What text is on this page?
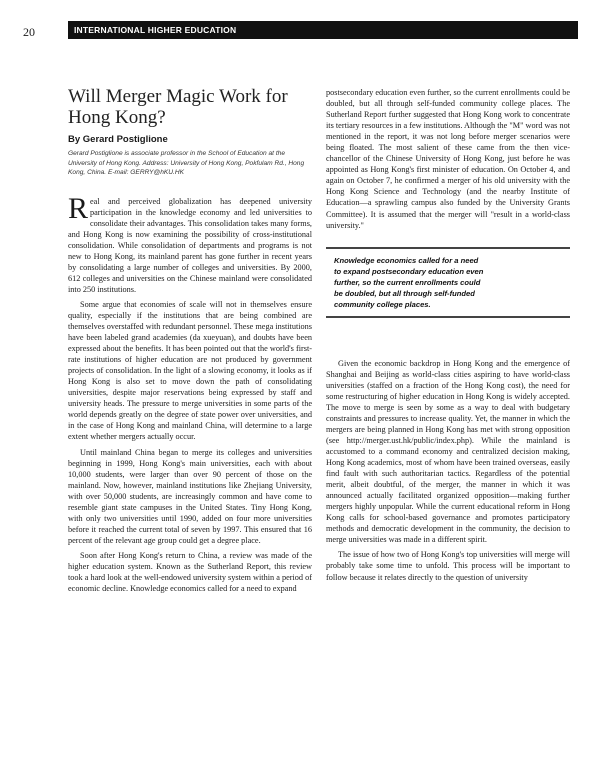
20	INTERNATIONAL HIGHER EDUCATION
Will Merger Magic Work for Hong Kong?
By Gerard Postiglione
Gerard Postiglione is associate professor in the School of Education at the University of Hong Kong. Address: University of Hong Kong, Pokfulam Rd., Hong Kong, China. E-mail: GERRY@hKU.HK

Real and perceived globalization has deepened university participation in the knowledge economy and led universities to consolidate their advantages. This consolidation takes many forms, and Hong Kong is now examining the possibility of cross-institutional consolidation. While consolidation of departments and programs is not new to Hong Kong, its mainland parent has gone further in recent years by consolidating a large number of colleges and universities. By 2000, 612 colleges and universities on the Chinese mainland were consolidated into 250 institutions.

Some argue that economies of scale will not in themselves ensure quality, especially if the institutions that are being combined are themselves overstaffed with redundant personnel. These mega institutions have been labeled grand academies (da xueyuan), and doubts have been expressed about the benefits. It has been pointed out that the world's first-rate institutions of higher education are not produced by government projects of consolidation. In the light of a slowing economy, it looks as if Hong Kong is also set to move down the path of consolidating universities, despite major reservations being expressed by staff and university heads. The pressure to merge universities in some parts of the world depends greatly on the degree of state power over universities, and in the case of Hong Kong and mainland China, will determine to a large extent whether mergers actually occur.

Until mainland China began to merge its colleges and universities beginning in 1999, Hong Kong's main universities, each with about 10,000 students, were larger than over 90 percent of those on the mainland. Now, however, mainland institutions like Zhejiang University, with over 50,000 students, are increasingly common and have come to resemble giant state campuses in the United States. Tiny Hong Kong, with only two universities until 1990, added on four more universities before it reached the current total of seven by 1997. This ensured that 16 percent of the relevant age group could get a degree place.

Soon after Hong Kong's return to China, a review was made of the higher education system. Known as the Sutherland Report, this review took a hard look at the well-endowed university system within a period of economic decline. Knowledge economics called for a need to expand

postsecondary education even further, so the current enrollments could be doubled, but all through self-funded community college places. The Sutherland Report further suggested that Hong Kong work to concentrate its tertiary resources in a few institutions. Although the "M" word was not mentioned in the report, it was not long before merger scenarios were being floated. The most salient of these came from the then vice-chancellor of the Chinese University of Hong Kong, just before he was appointed as Hong Kong's first minister of education. On October 4, and again on October 7, he confirmed a merger of his old university with the Hong Kong Science and Technology (and the nearby Institute of Education—a sprawling campus also funded by the University Grants Committee). It is assumed that the merger will "result in a world-class university."

Knowledge economics called for a need
to expand postsecondary education even
further, so the current enrollments could
be doubled, but all through self-funded
community college places.

Given the economic backdrop in Hong Kong and the emergence of Shanghai and Beijing as world-class cities aspiring to have world-class universities (staffed on a fraction of the Hong Kong cost), the need for some restructuring of higher education in Hong Kong is widely accepted. The move to merge is seen by some as a way to deal with budgetary constraints and pressures to increase quality. Yet, the manner in which the mergers are being planned in Hong Kong has met with strong opposition (see http://merger.ust.hk/public/index.php). While the mainland is accustomed to a command economy and centralized decision making, Hong Kong academics, most of whom have been trained overseas, easily find fault with such authoritarian tactics. Regardless of the potential merit, albeit doubtful, of the merger, the manner in which it was announced actually facilitated organized opposition—making further mergers highly unpopular. While the current educational reform in Hong Kong calls for school-based governance and promotes participatory methods and democratic development in the community, the decision to merge universities was made in a different spirit.

The issue of how two of Hong Kong's top universities will merge will probably take some time to unfold. This process will be important to follow because it relates directly to the question of university
